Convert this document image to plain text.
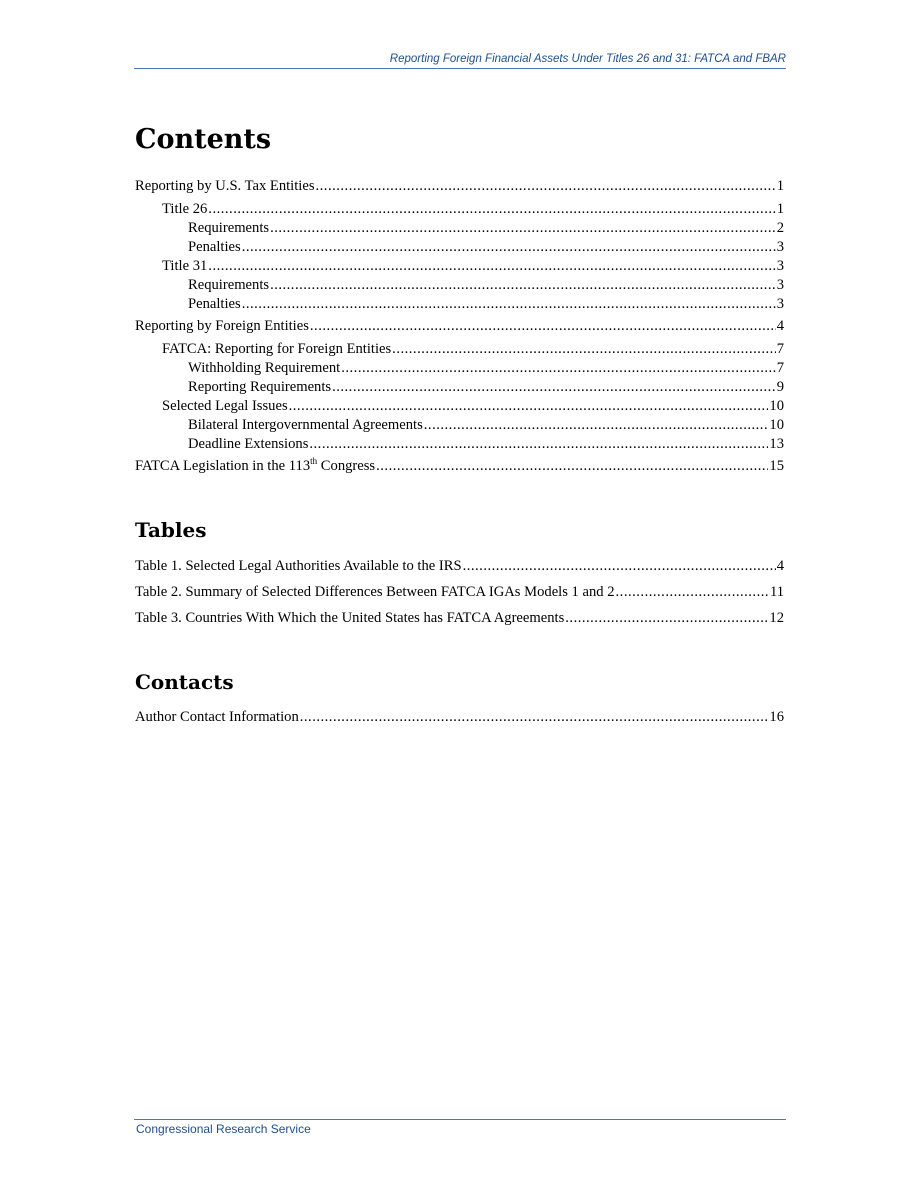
Reporting Foreign Financial Assets Under Titles 26 and 31: FATCA and FBAR
Contents
Reporting by U.S. Tax Entities .....	1
Title 26 .....	1
Requirements .....	2
Penalties .....	3
Title 31 .....	3
Requirements .....	3
Penalties .....	3
Reporting by Foreign Entities .....	4
FATCA: Reporting for Foreign Entities .....	7
Withholding Requirement .....	7
Reporting Requirements .....	9
Selected Legal Issues .....	10
Bilateral Intergovernmental Agreements .....	10
Deadline Extensions .....	13
FATCA Legislation in the 113th Congress .....	15
Tables
Table 1. Selected Legal Authorities Available to the IRS .....	4
Table 2. Summary of Selected Differences Between FATCA IGAs Models 1 and 2 .....	11
Table 3. Countries With Which the United States has FATCA Agreements .....	12
Contacts
Author Contact Information .....	16
Congressional Research Service
